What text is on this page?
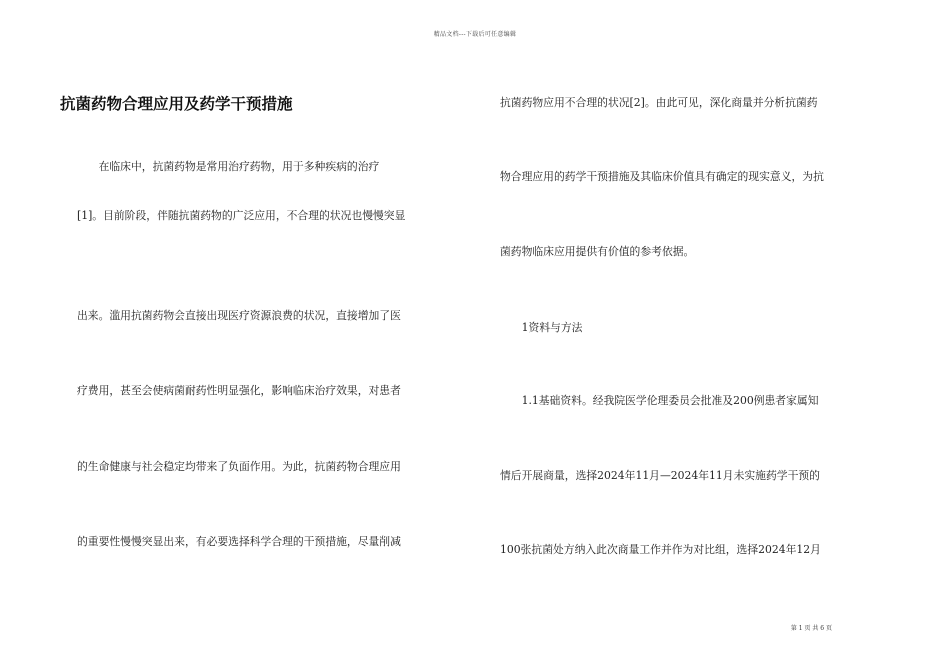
精品文档---下载后可任意编辑
抗菌药物合理应用及药学干预措施
　　在临床中，抗菌药物是常用治疗药物，用于多种疾病的治疗
[1]。目前阶段，伴随抗菌药物的广泛应用，不合理的状况也慢慢突显
出来。滥用抗菌药物会直接出现医疗资源浪费的状况，直接增加了医
疗费用，甚至会使病菌耐药性明显强化，影响临床治疗效果，对患者
的生命健康与社会稳定均带来了负面作用。为此，抗菌药物合理应用
的重要性慢慢突显出来，有必要选择科学合理的干预措施，尽量削减
抗菌药物应用不合理的状况[2]。由此可见，深化商量并分析抗菌药
物合理应用的药学干预措施及其临床价值具有确定的现实意义，为抗
菌药物临床应用提供有价值的参考依据。
　　1资料与方法
　　1.1基础资料。经我院医学伦理委员会批准及200例患者家属知
情后开展商量，选择2024年11月—2024年11月未实施药学干预的
100张抗菌处方纳入此次商量工作并作为对比组，选择2024年12月
第 1 页 共 6 页
